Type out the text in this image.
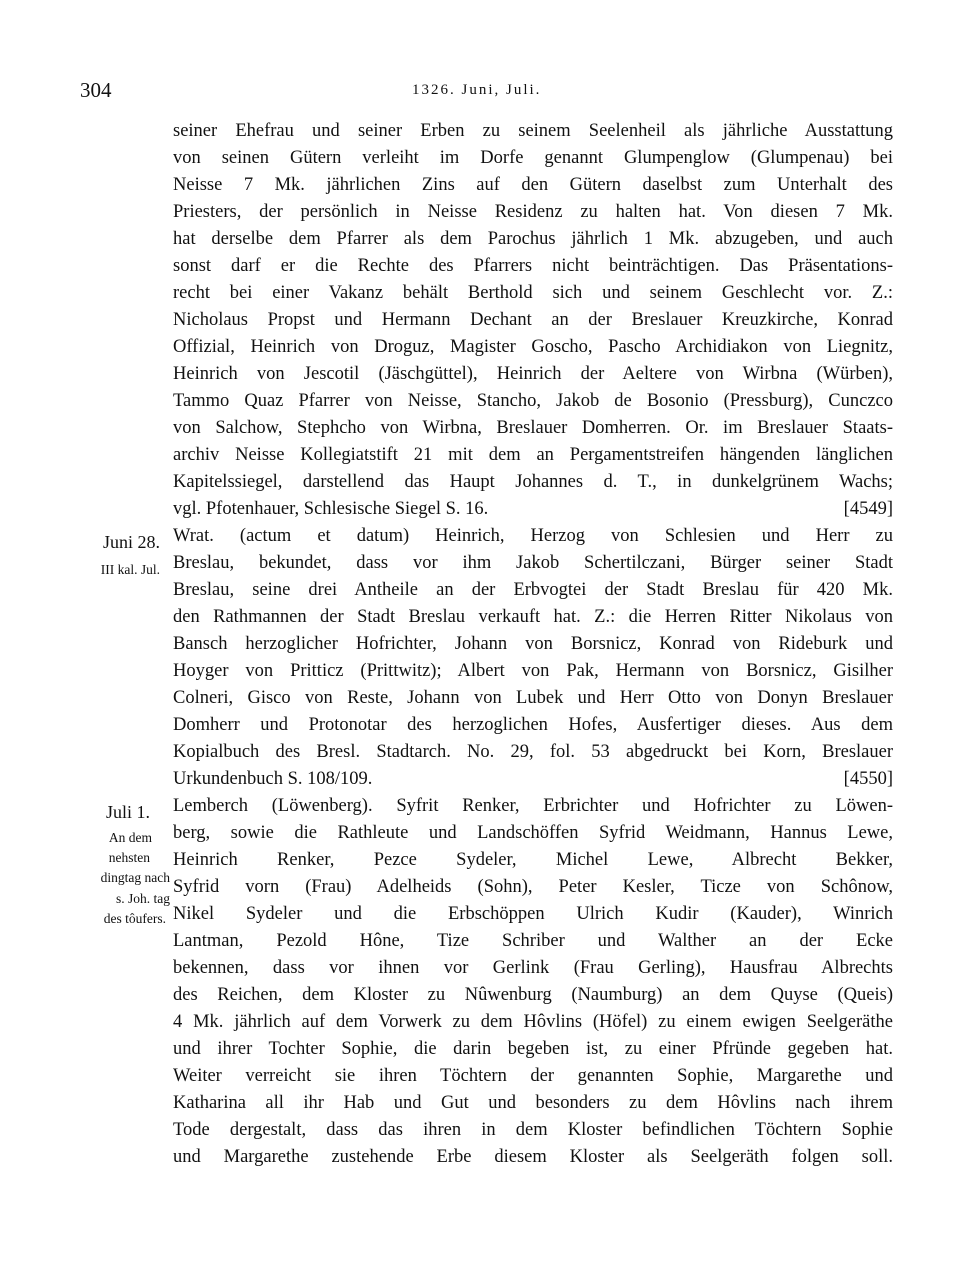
304	1326. Juni, Juli.
Juni 28.
III kal. Jul.
Juli 1.
An dem
nehsten
dingtag nach
s. Joh. tag
des tôufers.
seiner Ehefrau und seiner Erben zu seinem Seelenheil als jährliche Ausstattung
von seinen Gütern verleiht im Dorfe genannt Glumpenglow (Glumpenau) bei
Neisse 7 Mk. jährlichen Zins auf den Gütern daselbst zum Unterhalt des
Priesters, der persönlich in Neisse Residenz zu halten hat. Von diesen 7 Mk.
hat derselbe dem Pfarrer als dem Parochus jährlich 1 Mk. abzugeben, und auch
sonst darf er die Rechte des Pfarrers nicht beinträchtigen. Das Präsentations-
recht bei einer Vakanz behält Berthold sich und seinem Geschlecht vor. Z.:
Nicholaus Propst und Hermann Dechant an der Breslauer Kreuzkirche, Konrad
Offizial, Heinrich von Droguz, Magister Goscho, Pascho Archidiakon von Liegnitz,
Heinrich von Jescotil (Jäschgüttel), Heinrich der Aeltere von Wirbna (Würben),
Tammo Quaz Pfarrer von Neisse, Stancho, Jakob de Bosonio (Pressburg), Cunczco
von Salchow, Stephcho von Wirbna, Breslauer Domherren. Or. im Breslauer Staats-
archiv Neisse Kollegiatstift 21 mit dem an Pergamentstreifen hängenden länglichen
Kapitelssiegel, darstellend das Haupt Johannes d. T., in dunkelgrünem Wachs;
vgl. Pfotenhauer, Schlesische Siegel S. 16.	[4549]
Wrat. (actum et datum) Heinrich, Herzog von Schlesien und Herr zu
Breslau, bekundet, dass vor ihm Jakob Schertilczani, Bürger seiner Stadt
Breslau, seine drei Antheile an der Erbvogtei der Stadt Breslau für 420 Mk.
den Rathmannen der Stadt Breslau verkauft hat. Z.: die Herren Ritter Nikolaus von
Bansch herzoglicher Hofrichter, Johann von Borsnicz, Konrad von Rideburk und
Hoyger von Pritticz (Prittwitz); Albert von Pak, Hermann von Borsnicz, Gisilher
Colneri, Gisco von Reste, Johann von Lubek und Herr Otto von Donyn Breslauer
Domherr und Protonotar des herzoglichen Hofes, Ausfertiger dieses. Aus dem
Kopialbuch des Bresl. Stadtarch. No. 29, fol. 53 abgedruckt bei Korn, Breslauer
Urkundenbuch S. 108/109.	[4550]
Lemberch (Löwenberg). Syfrit Renker, Erbrichter und Hofrichter zu Löwen-
berg, sowie die Rathleute und Landschöffen Syfrid Weidmann, Hannus Lewe,
Heinrich Renker, Pezce Sydeler, Michel Lewe, Albrecht Bekker,
Syfrid vorn (Frau) Adelheids (Sohn), Peter Kesler, Ticze von Schônow,
Nikel Sydeler und die Erbschöppen Ulrich Kudir (Kauder), Winrich
Lantman, Pezold Hône, Tize Schriber und Walther an der Ecke
bekennen, dass vor ihnen vor Gerlink (Frau Gerling), Hausfrau Albrechts
des Reichen, dem Kloster zu Nûwenburg (Naumburg) an dem Quyse (Queis)
4 Mk. jährlich auf dem Vorwerk zu dem Hôvlins (Höfel) zu einem ewigen Seelgeräthe
und ihrer Tochter Sophie, die darin begeben ist, zu einer Pfründe gegeben hat.
Weiter verreicht sie ihren Töchtern der genannten Sophie, Margarethe und
Katharina all ihr Hab und Gut und besonders zu dem Hôvlins nach ihrem
Tode dergestalt, dass das ihren in dem Kloster befindlichen Töchtern Sophie
und Margarethe zustehende Erbe diesem Kloster als Seelgeräth folgen soll.
